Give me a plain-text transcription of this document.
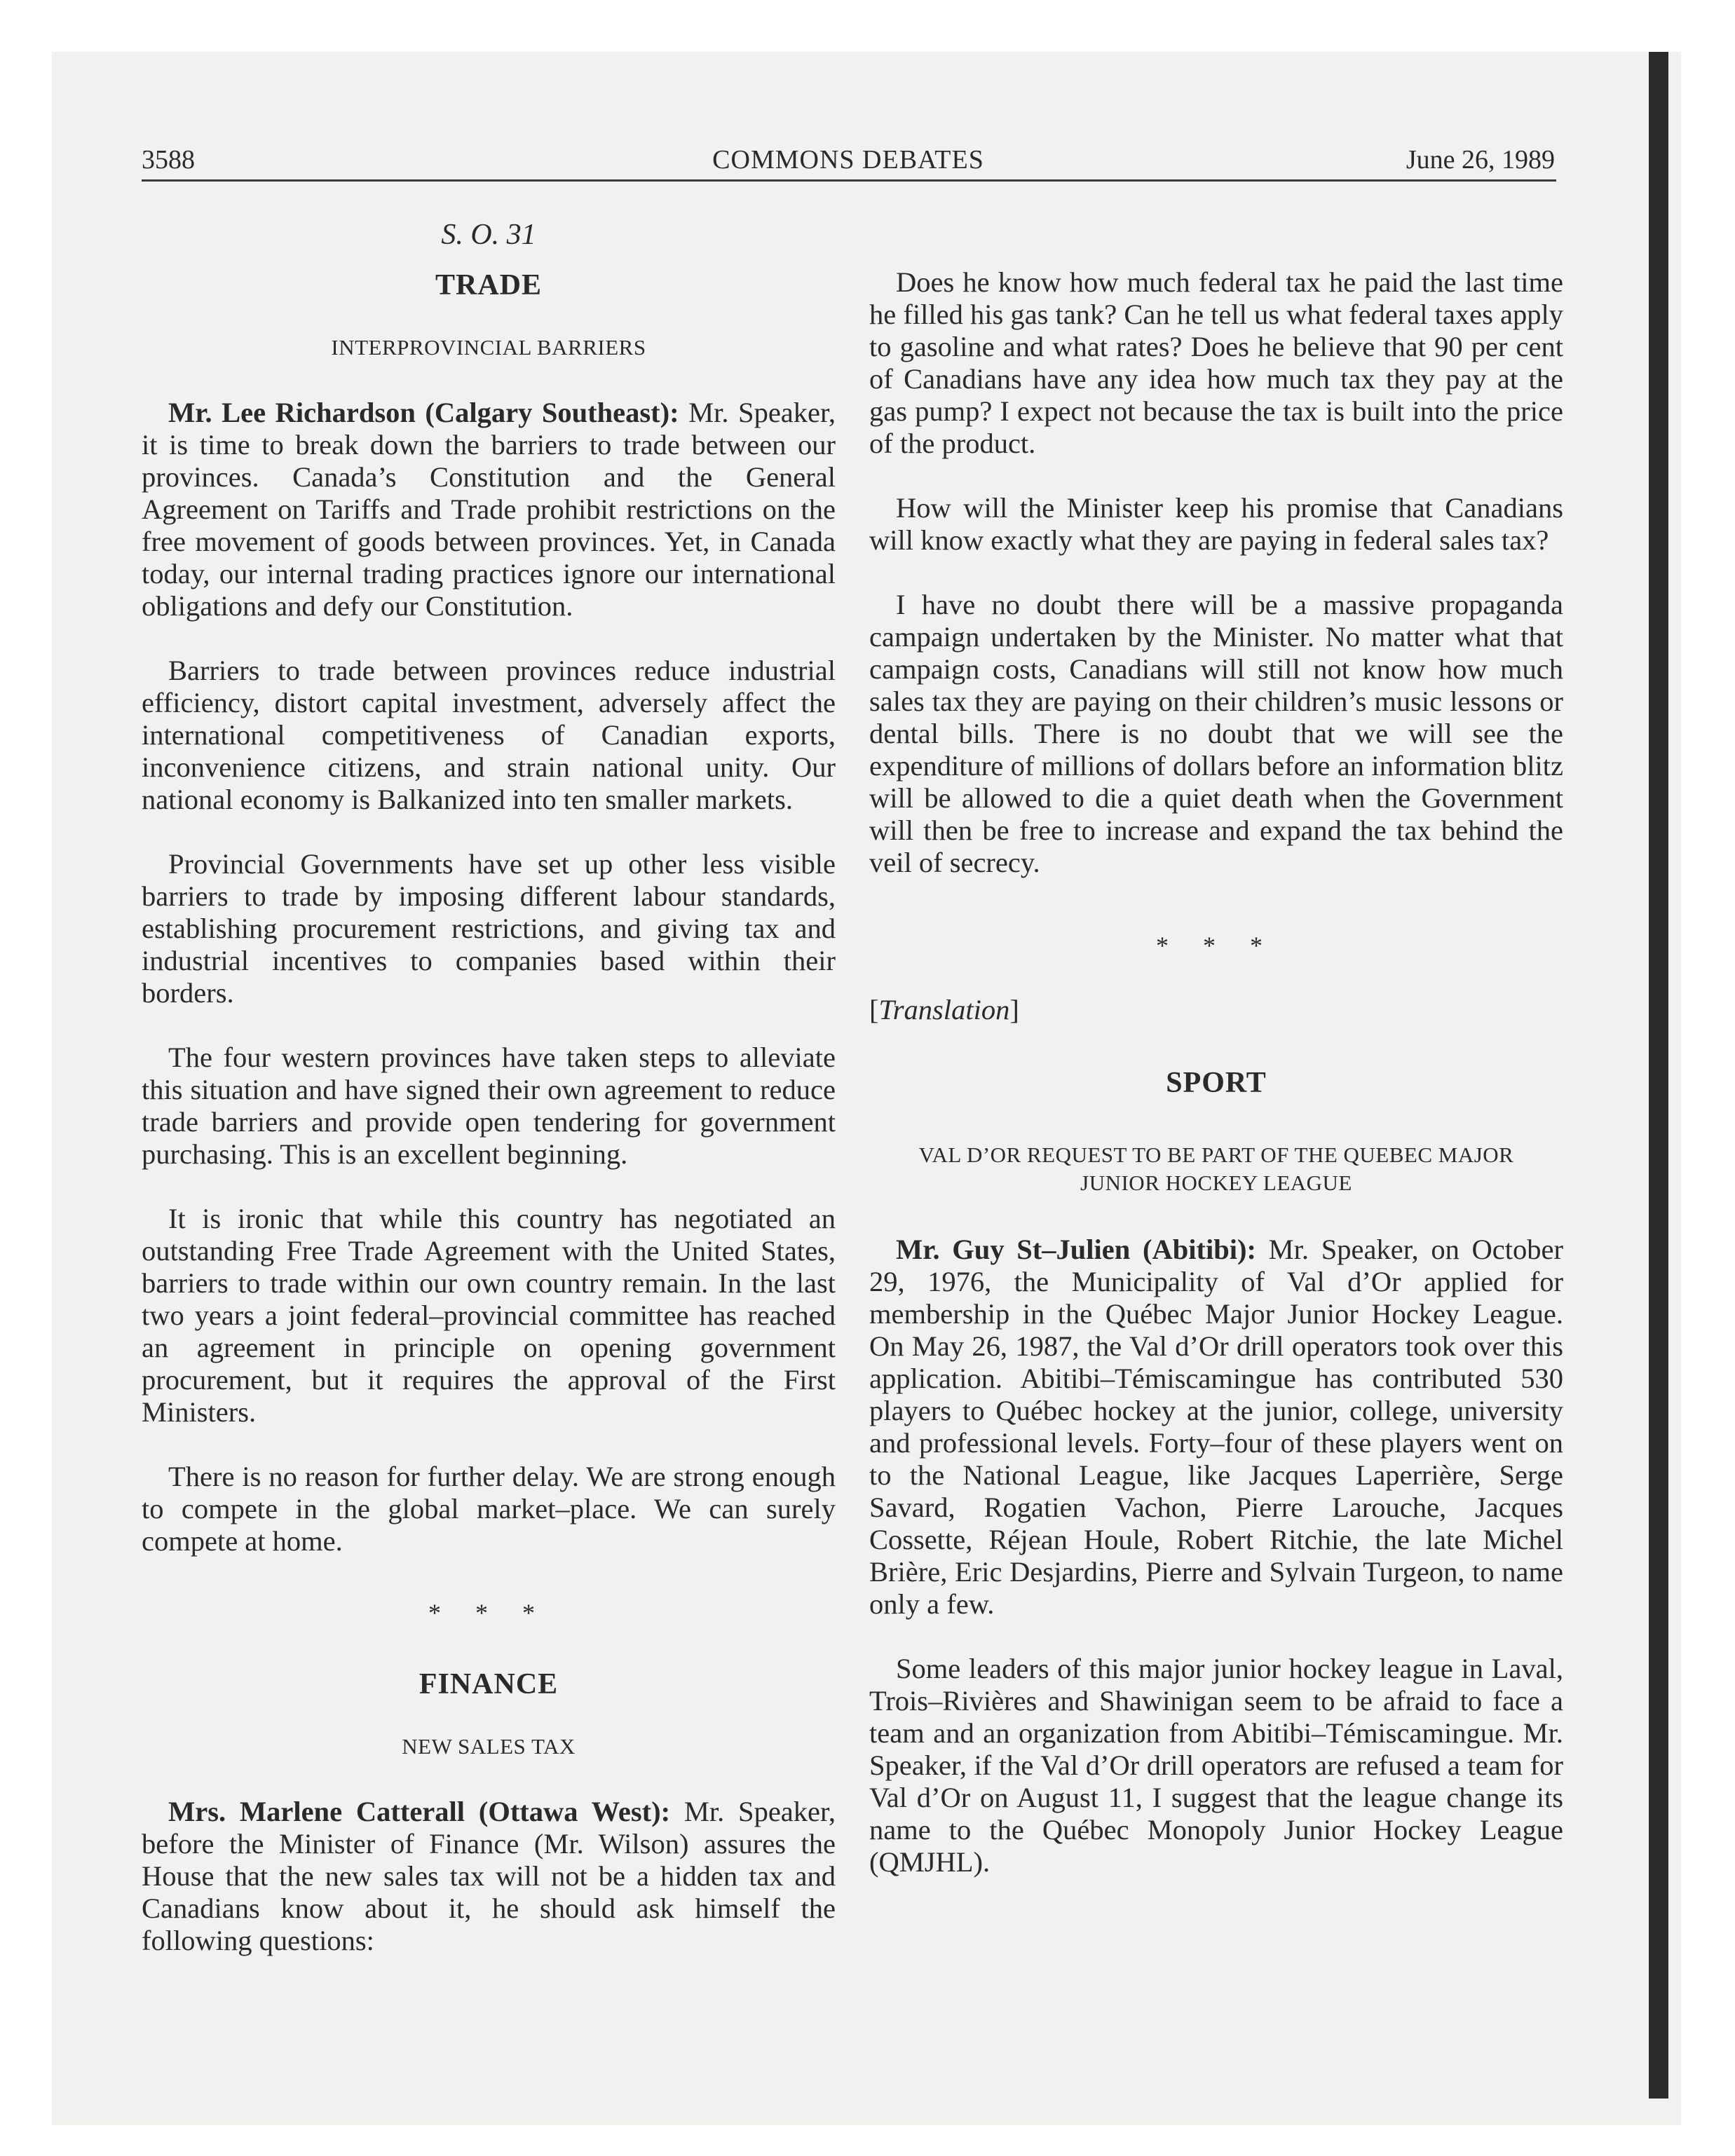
3588	COMMONS DEBATES	June 26, 1989
S. O. 31
TRADE
INTERPROVINCIAL BARRIERS

Mr. Lee Richardson (Calgary Southeast): Mr. Speaker, it is time to break down the barriers to trade between our provinces. Canada’s Constitution and the General Agreement on Tariffs and Trade prohibit restrictions on the free movement of goods between provinces. Yet, in Canada today, our internal trading practices ignore our international obligations and defy our Constitution.

Barriers to trade between provinces reduce industrial efficiency, distort capital investment, adversely affect the international competitiveness of Canadian exports, inconvenience citizens, and strain national unity. Our national economy is Balkanized into ten smaller markets.

Provincial Governments have set up other less visible barriers to trade by imposing different labour standards, establishing procurement restrictions, and giving tax and industrial incentives to companies based within their borders.

The four western provinces have taken steps to alleviate this situation and have signed their own agreement to reduce trade barriers and provide open tendering for government purchasing. This is an excellent beginning.

It is ironic that while this country has negotiated an outstanding Free Trade Agreement with the United States, barriers to trade within our own country remain. In the last two years a joint federal–provincial committee has reached an agreement in principle on opening government procurement, but it requires the approval of the First Ministers.

There is no reason for further delay. We are strong enough to compete in the global market–place. We can surely compete at home.

* * *
FINANCE
NEW SALES TAX

Mrs. Marlene Catterall (Ottawa West): Mr. Speaker, before the Minister of Finance (Mr. Wilson) assures the House that the new sales tax will not be a hidden tax and Canadians know about it, he should ask himself the following questions:

Does he know how much federal tax he paid the last time he filled his gas tank? Can he tell us what federal taxes apply to gasoline and what rates? Does he believe that 90 per cent of Canadians have any idea how much tax they pay at the gas pump? I expect not because the tax is built into the price of the product.

How will the Minister keep his promise that Canadians will know exactly what they are paying in federal sales tax?

I have no doubt there will be a massive propaganda campaign undertaken by the Minister. No matter what that campaign costs, Canadians will still not know how much sales tax they are paying on their children’s music lessons or dental bills. There is no doubt that we will see the expenditure of millions of dollars before an information blitz will be allowed to die a quiet death when the Government will then be free to increase and expand the tax behind the veil of secrecy.

* * *
[Translation]
SPORT
VAL D’OR REQUEST TO BE PART OF THE QUEBEC MAJOR JUNIOR HOCKEY LEAGUE

Mr. Guy St–Julien (Abitibi): Mr. Speaker, on October 29, 1976, the Municipality of Val d’Or applied for membership in the Québec Major Junior Hockey League. On May 26, 1987, the Val d’Or drill operators took over this application. Abitibi–Témiscamingue has contributed 530 players to Québec hockey at the junior, college, university and professional levels. Forty–four of these players went on to the National League, like Jacques Laperrière, Serge Savard, Rogatien Vachon, Pierre Larouche, Jacques Cossette, Réjean Houle, Robert Ritchie, the late Michel Brière, Eric Desjardins, Pierre and Sylvain Turgeon, to name only a few.

Some leaders of this major junior hockey league in Laval, Trois–Rivières and Shawinigan seem to be afraid to face a team and an organization from Abitibi–Témiscamingue. Mr. Speaker, if the Val d’Or drill operators are refused a team for Val d’Or on August 11, I suggest that the league change its name to the Québec Monopoly Junior Hockey League (QMJHL).
